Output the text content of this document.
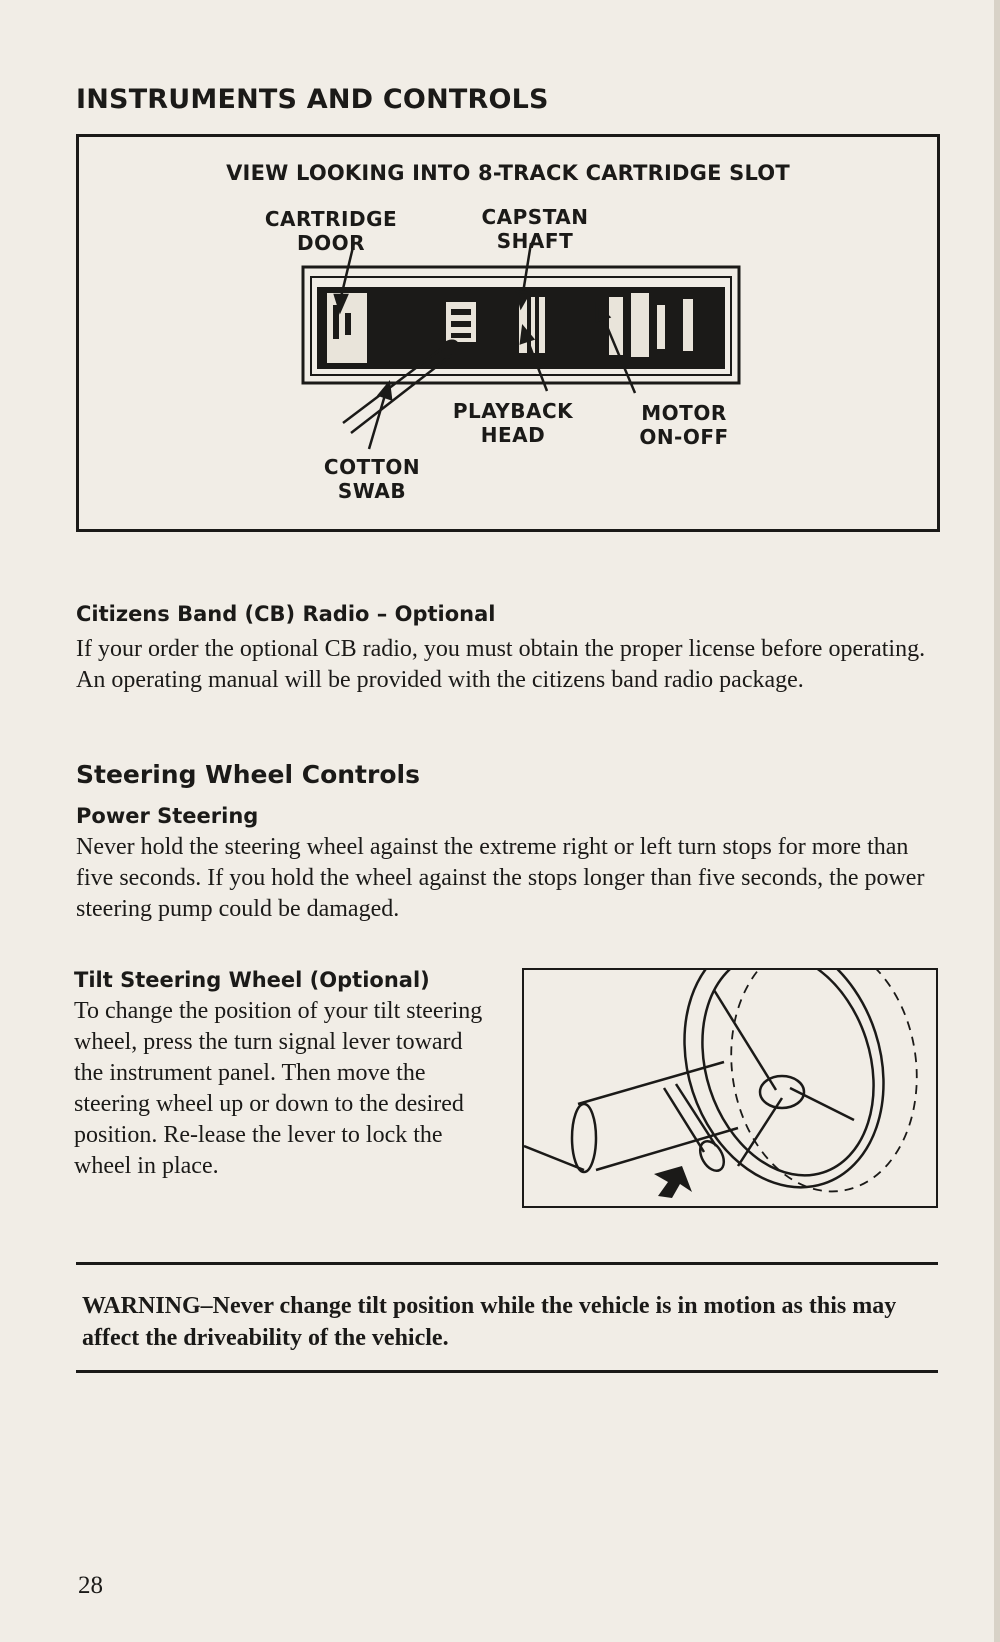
INSTRUMENTS AND CONTROLS
VIEW LOOKING INTO 8-TRACK CARTRIDGE SLOT
CARTRIDGE
DOOR
CAPSTAN
SHAFT
PLAYBACK
HEAD
MOTOR
ON-OFF
COTTON
SWAB
Citizens Band (CB) Radio – Optional

If your order the optional CB radio, you must obtain the proper license before operating. An operating manual will be provided with the citizens band radio package.

Steering Wheel Controls
Power Steering

Never hold the steering wheel against the extreme right or left turn stops for more than five seconds. If you hold the wheel against the stops longer than five seconds, the power steering pump could be damaged.

Tilt Steering Wheel (Optional)

To change the position of your tilt steering wheel, press the turn signal lever toward the instrument panel. Then move the steering wheel up or down to the desired position. Re-lease the lever to lock the wheel in place.

WARNING–Never change tilt position while the vehicle is in motion as this may affect the driveability of the vehicle.

28
